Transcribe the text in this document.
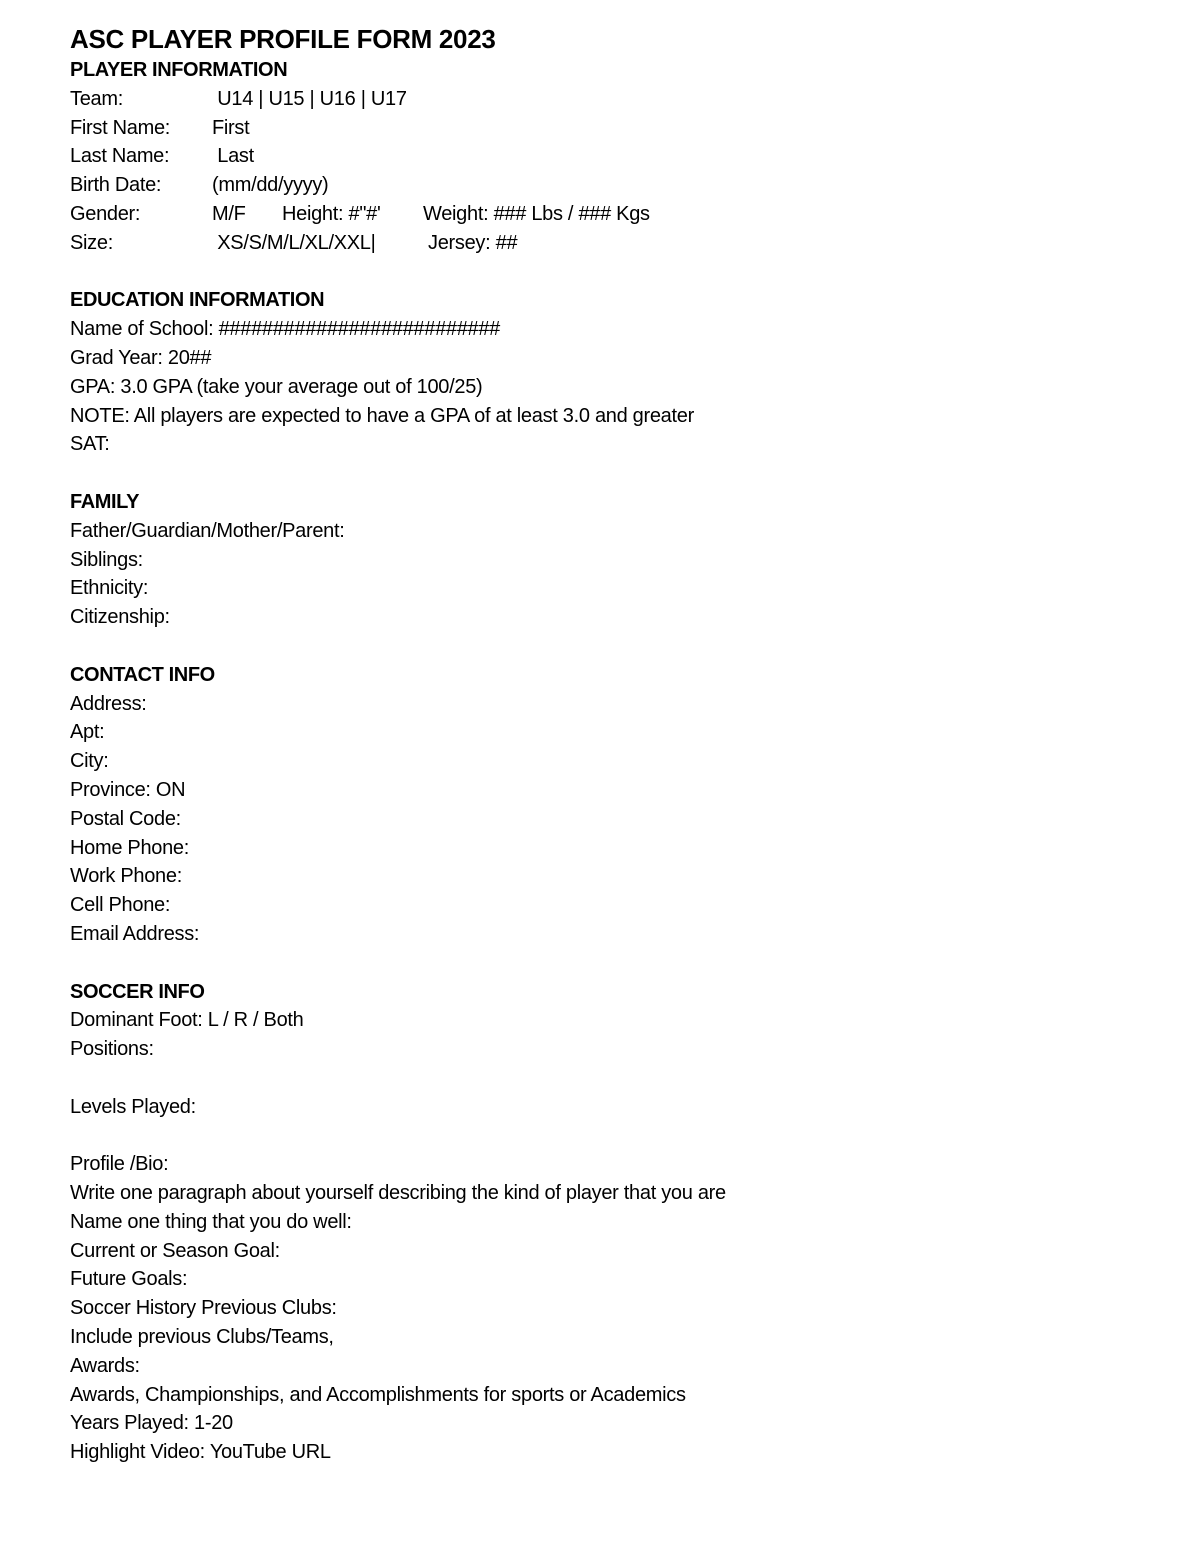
ASC PLAYER PROFILE FORM 2023
PLAYER INFORMATION
Team:	U14 | U15 | U16 | U17
First Name:	First
Last Name:	Last
Birth Date:	(mm/dd/yyyy)
Gender:	M/F	Height: #"#'	Weight: ### Lbs / ### Kgs
Size:	XS/S/M/L/XL/XXL|	Jersey: ##
EDUCATION INFORMATION
Name of School: ##########################
Grad Year: 20##
GPA: 3.0 GPA (take your average out of 100/25)
NOTE: All players are expected to have a GPA of at least 3.0 and greater
SAT:
FAMILY
Father/Guardian/Mother/Parent:
Siblings:
Ethnicity:
Citizenship:
CONTACT INFO
Address:
Apt:
City:
Province: ON
Postal Code:
Home Phone:
Work Phone:
Cell Phone:
Email Address:
SOCCER INFO
Dominant Foot: L / R / Both
Positions:
Levels Played:
Profile /Bio:
Write one paragraph about yourself describing the kind of player that you are
Name one thing that you do well:
Current or Season Goal:
Future Goals:
Soccer History Previous Clubs:
Include previous Clubs/Teams,
Awards:
Awards, Championships, and Accomplishments for sports or Academics
Years Played: 1-20
Highlight Video: YouTube URL
